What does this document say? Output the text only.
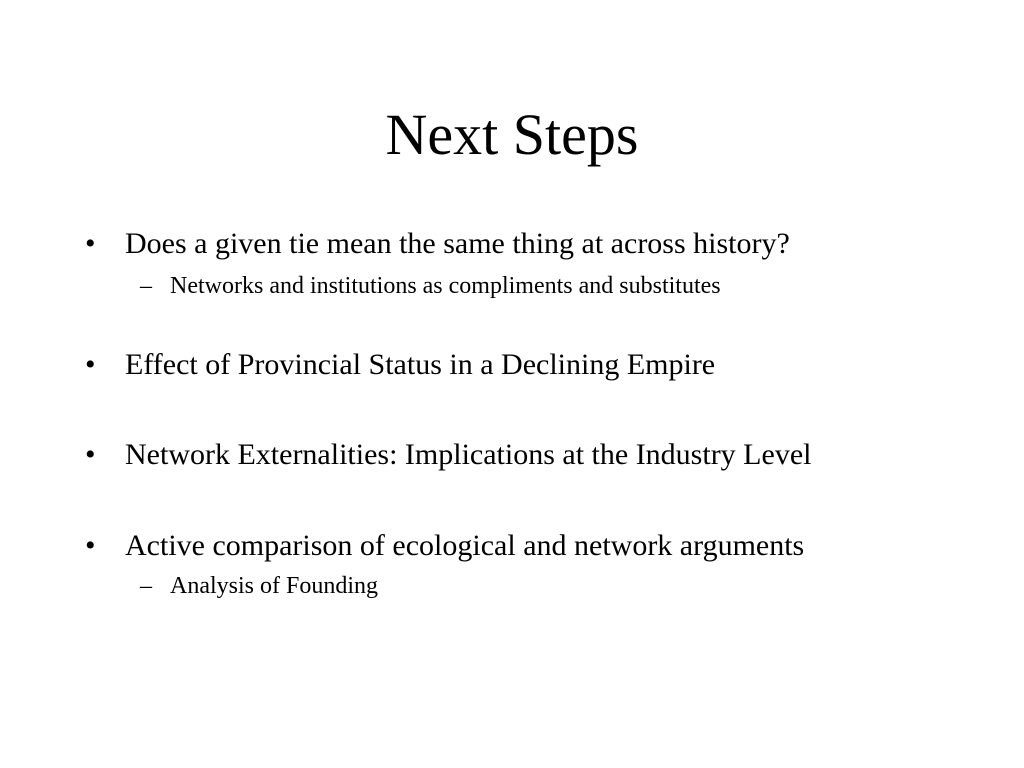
Next Steps
• Does a given tie mean the same thing at across history?
– Networks and institutions as compliments and substitutes
• Effect of Provincial Status in a Declining Empire
• Network Externalities: Implications at the Industry Level
• Active comparison of ecological and network arguments
– Analysis of Founding
